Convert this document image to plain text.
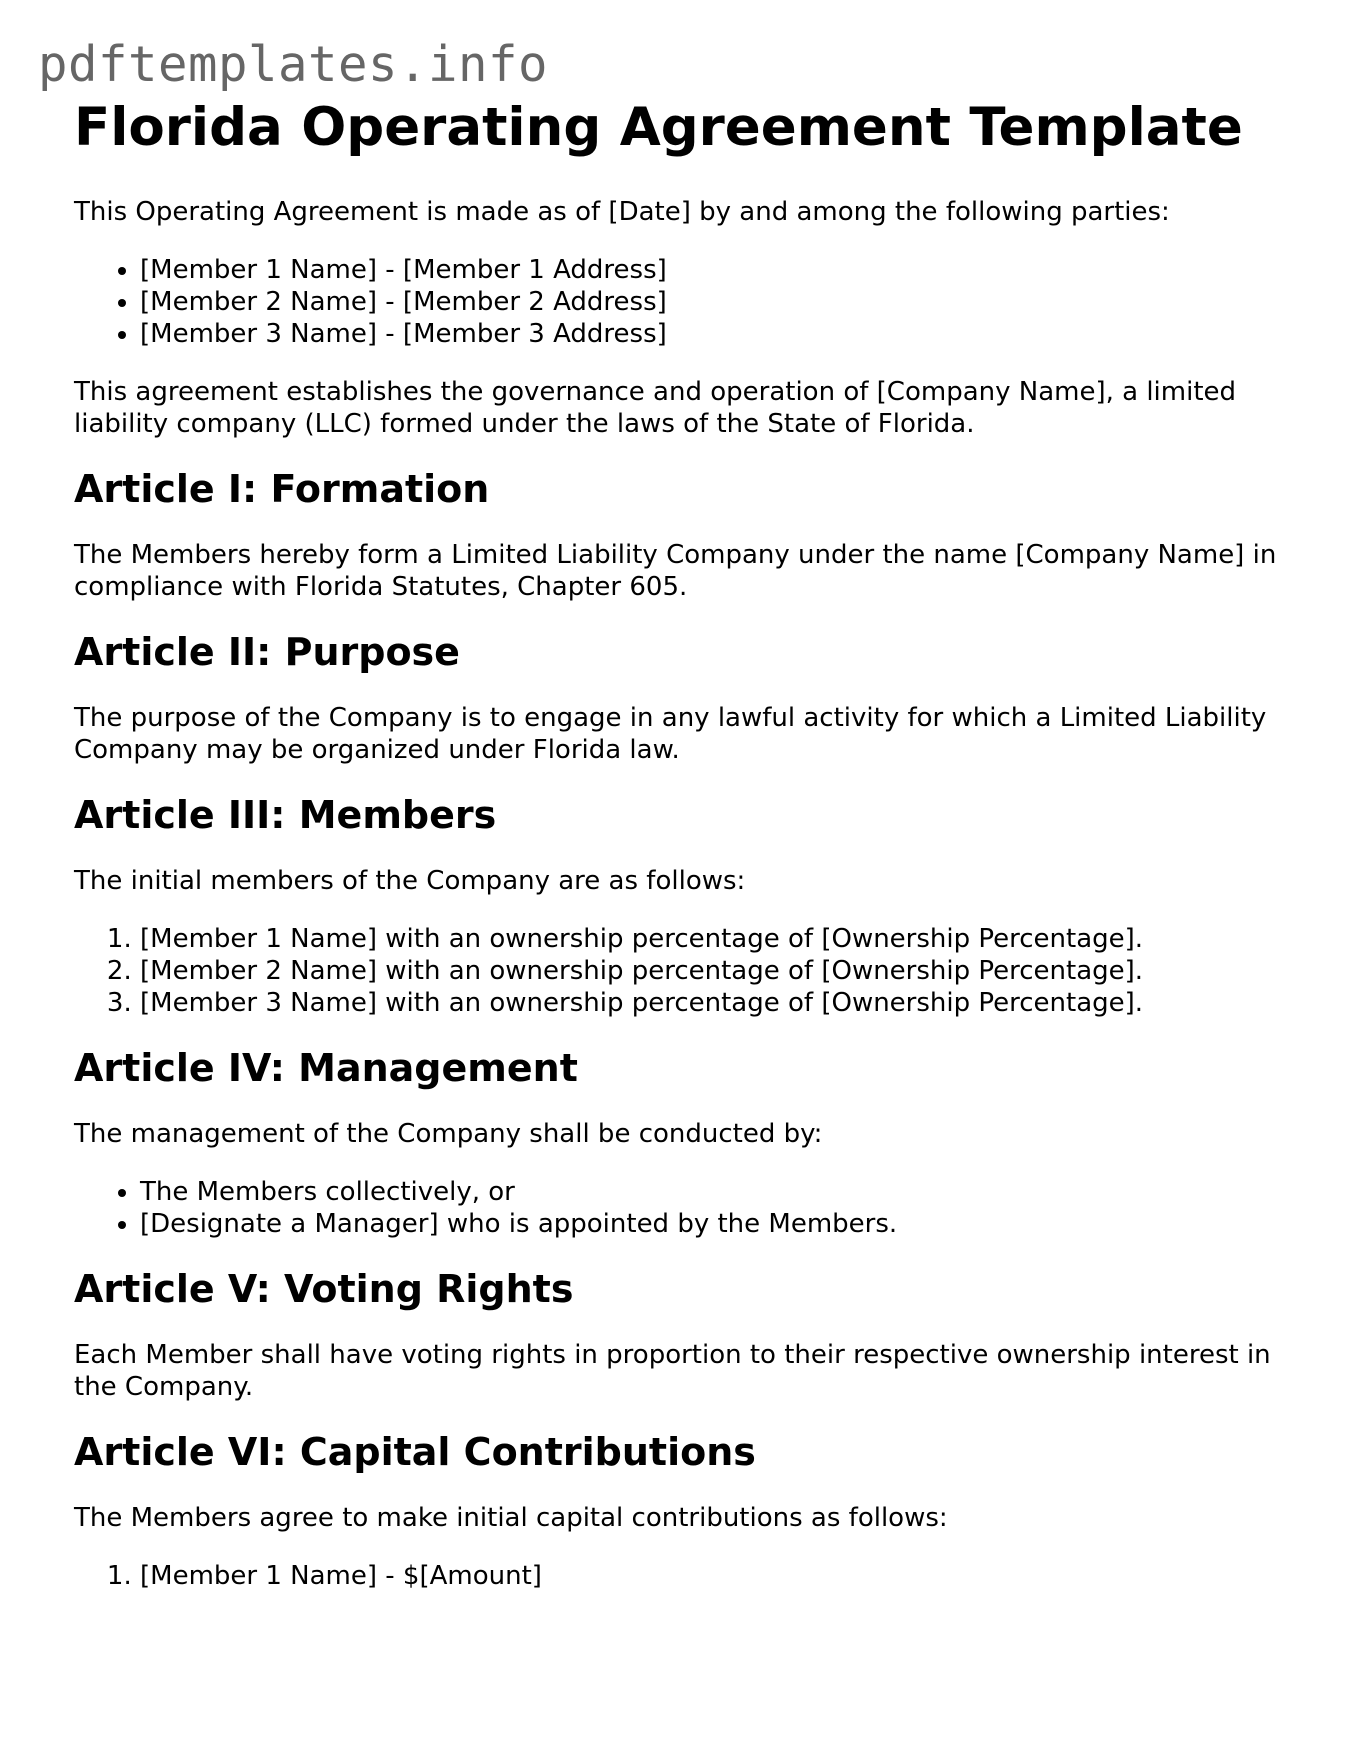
pdftemplates.info
Florida Operating Agreement Template

This Operating Agreement is made as of [Date] by and among the following parties:

• [Member 1 Name] - [Member 1 Address]
• [Member 2 Name] - [Member 2 Address]
• [Member 3 Name] - [Member 3 Address]

This agreement establishes the governance and operation of [Company Name], a limited liability company (LLC) formed under the laws of the State of Florida.

Article I: Formation

The Members hereby form a Limited Liability Company under the name [Company Name] in compliance with Florida Statutes, Chapter 605.

Article II: Purpose

The purpose of the Company is to engage in any lawful activity for which a Limited Liability Company may be organized under Florida law.

Article III: Members

The initial members of the Company are as follows:

1. [Member 1 Name] with an ownership percentage of [Ownership Percentage].
2. [Member 2 Name] with an ownership percentage of [Ownership Percentage].
3. [Member 3 Name] with an ownership percentage of [Ownership Percentage].
Article IV: Management

The management of the Company shall be conducted by:

• The Members collectively, or
• [Designate a Manager] who is appointed by the Members.
Article V: Voting Rights

Each Member shall have voting rights in proportion to their respective ownership interest in the Company.

Article VI: Capital Contributions

The Members agree to make initial capital contributions as follows:

1. [Member 1 Name] - $[Amount]
